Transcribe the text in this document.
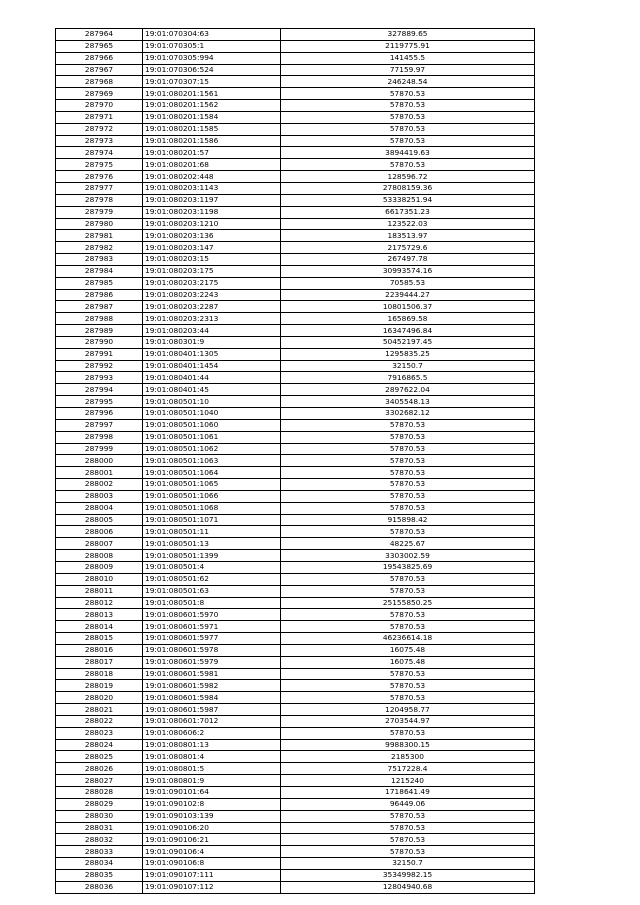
287964	19:01:070304:63	327889.65
287965	19:01:070305:1	2119775.91
287966	19:01:070305:994	141455.5
287967	19:01:070306:524	77159.97
287968	19:01:070307:15	246248.54
287969	19:01:080201:1561	57870.53
287970	19:01:080201:1562	57870.53
287971	19:01:080201:1584	57870.53
287972	19:01:080201:1585	57870.53
287973	19:01:080201:1586	57870.53
287974	19:01:080201:57	3894419.63
287975	19:01:080201:68	57870.53
287976	19:01:080202:448	128596.72
287977	19:01:080203:1143	27808159.36
287978	19:01:080203:1197	53338251.94
287979	19:01:080203:1198	6617351.23
287980	19:01:080203:1210	123522.03
287981	19:01:080203:136	183513.97
287982	19:01:080203:147	2175729.6
287983	19:01:080203:15	267497.78
287984	19:01:080203:175	30993574.16
287985	19:01:080203:2175	70585.53
287986	19:01:080203:2243	2239444.27
287987	19:01:080203:2287	10801506.37
287988	19:01:080203:2313	165869.58
287989	19:01:080203:44	16347496.84
287990	19:01:080301:9	50452197.45
287991	19:01:080401:1305	1295835.25
287992	19:01:080401:1454	32150.7
287993	19:01:080401:44	7916865.5
287994	19:01:080401:45	2897622.04
287995	19:01:080501:10	3405548.13
287996	19:01:080501:1040	3302682.12
287997	19:01:080501:1060	57870.53
287998	19:01:080501:1061	57870.53
287999	19:01:080501:1062	57870.53
288000	19:01:080501:1063	57870.53
288001	19:01:080501:1064	57870.53
288002	19:01:080501:1065	57870.53
288003	19:01:080501:1066	57870.53
288004	19:01:080501:1068	57870.53
288005	19:01:080501:1071	915898.42
288006	19:01:080501:11	57870.53
288007	19:01:080501:13	48225.67
288008	19:01:080501:1399	3303002.59
288009	19:01:080501:4	19543825.69
288010	19:01:080501:62	57870.53
288011	19:01:080501:63	57870.53
288012	19:01:080501:8	25155850.25
288013	19:01:080601:5970	57870.53
288014	19:01:080601:5971	57870.53
288015	19:01:080601:5977	46236614.18
288016	19:01:080601:5978	16075.48
288017	19:01:080601:5979	16075.48
288018	19:01:080601:5981	57870.53
288019	19:01:080601:5982	57870.53
288020	19:01:080601:5984	57870.53
288021	19:01:080601:5987	1204958.77
288022	19:01:080601:7012	2703544.97
288023	19:01:080606:2	57870.53
288024	19:01:080801:13	9988300.15
288025	19:01:080801:4	2185300
288026	19:01:080801:5	7517228.4
288027	19:01:080801:9	1215240
288028	19:01:090101:64	1718641.49
288029	19:01:090102:8	96449.06
288030	19:01:090103:139	57870.53
288031	19:01:090106:20	57870.53
288032	19:01:090106:21	57870.53
288033	19:01:090106:4	57870.53
288034	19:01:090106:8	32150.7
288035	19:01:090107:111	35349982.15
288036	19:01:090107:112	12804940.68
